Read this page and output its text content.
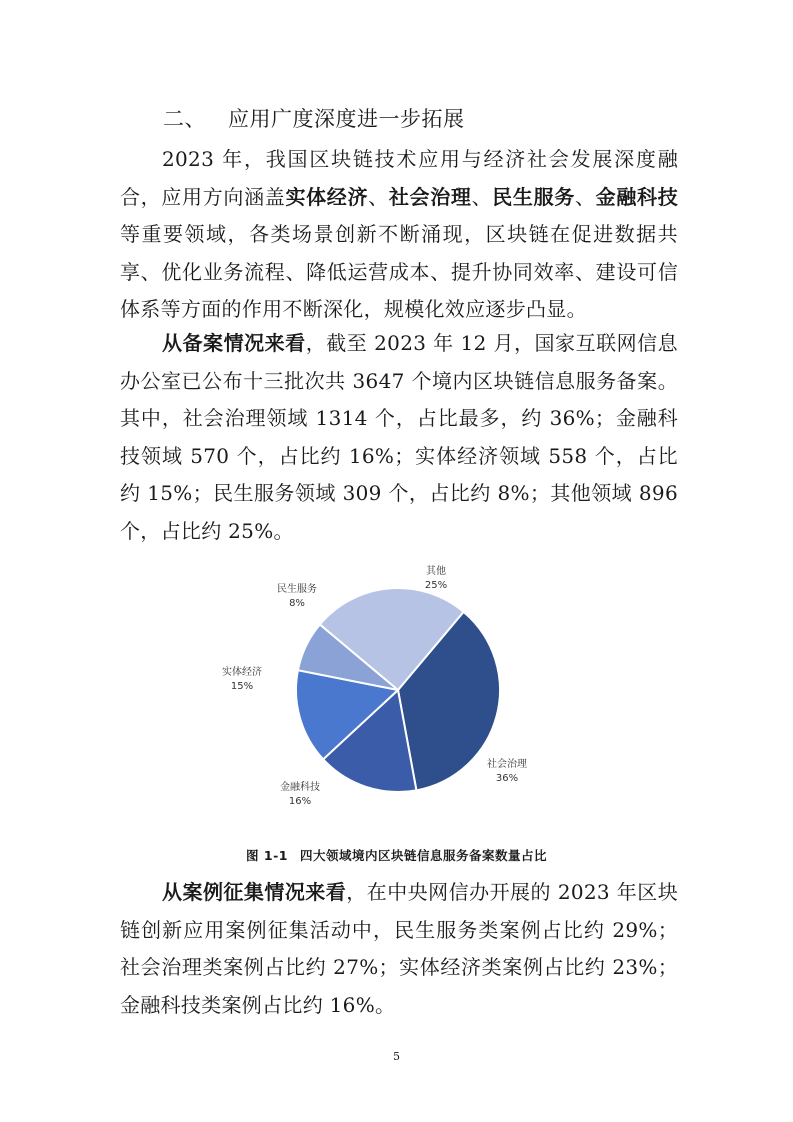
二、 应用广度深度进一步拓展

2023 年，我国区块链技术应用与经济社会发展深度融合，应用方向涵盖实体经济、社会治理、民生服务、金融科技等重要领域，各类场景创新不断涌现，区块链在促进数据共享、优化业务流程、降低运营成本、提升协同效率、建设可信体系等方面的作用不断深化，规模化效应逐步凸显。

从备案情况来看，截至 2023 年 12 月，国家互联网信息办公室已公布十三批次共 3647 个境内区块链信息服务备案。其中，社会治理领域 1314 个，占比最多，约 36%；金融科技领域 570 个，占比约 16%；实体经济领域 558 个，占比约 15%；民生服务领域 309 个，占比约 8%；其他领域 896 个，占比约 25%。

社会治理
36%
金融科技
16%
实体经济
15%
民生服务
8%
其他
25%
图 1-1 四大领域境内区块链信息服务备案数量占比

从案例征集情况来看，在中央网信办开展的 2023 年区块链创新应用案例征集活动中，民生服务类案例占比约 29%；社会治理类案例占比约 27%；实体经济类案例占比约 23%；金融科技类案例占比约 16%。

5
